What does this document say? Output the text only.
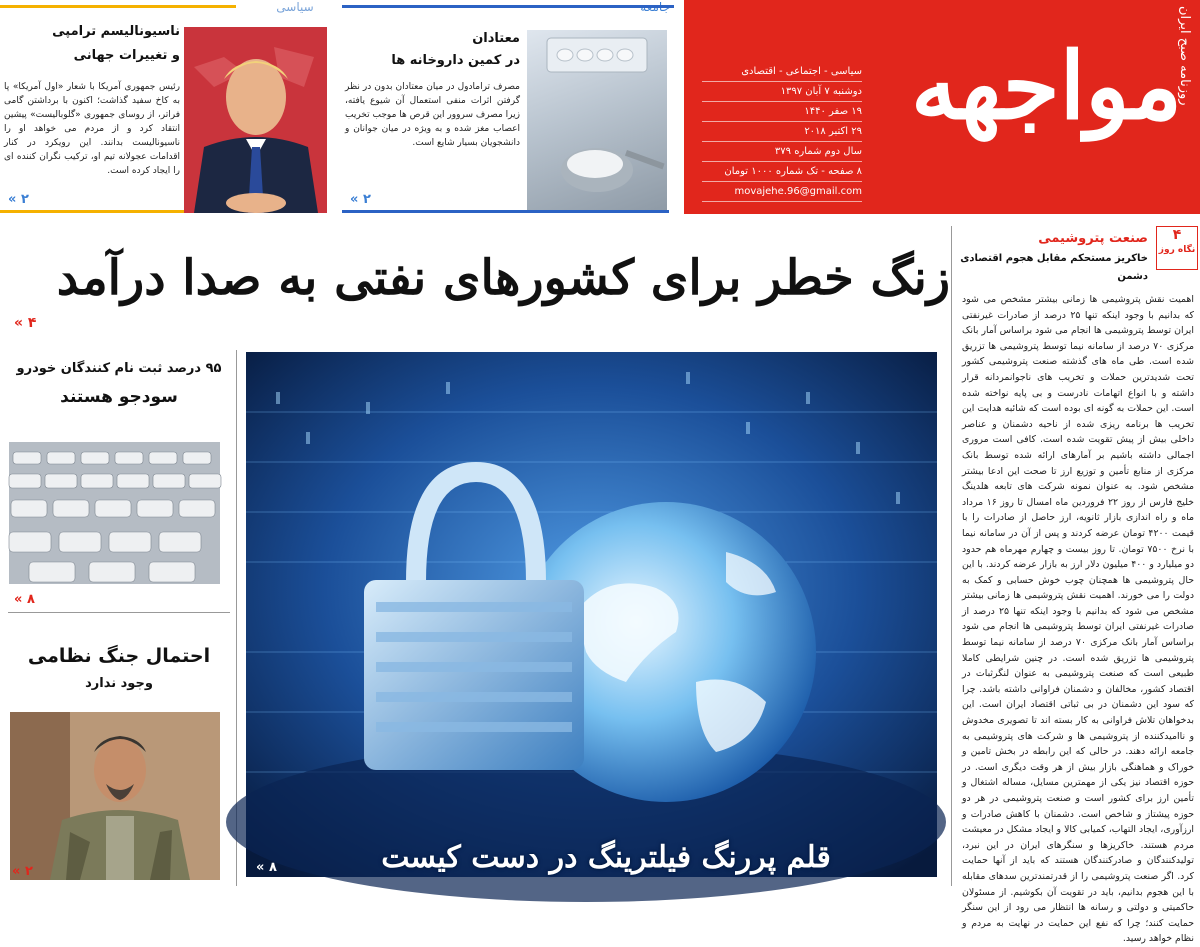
روزنامه صبح ایران
مواجهه
سیاسی - اجتماعی - اقتصادی
دوشنبه ۷ آبان ۱۳۹۷
۱۹ صفر ۱۴۴۰
۲۹ اکتبر ۲۰۱۸
سال دوم شماره ۳۷۹
۸ صفحه - تک شماره ۱۰۰۰ تومان
movajehe.96@gmail.com
معتادان
در کمین داروخانه ها
مصرف ترامادول در میان معتادان بدون در نظر گرفتن اثرات منفی استعمال آن شیوع یافته، زیرا مصرف سروور این قرص ها موجب تخریب اعصاب مغز شده و به ویژه در میان جوانان و دانشجویان بسیار شایع است.
۲ »
سیاسی
ناسیونالیسم ترامپی
و تغییرات جهانی
رئیس جمهوری آمریکا با شعار «اول آمریکا» پا به کاخ سفید گذاشت؛ اکنون با برداشتن گامی فراتر، از روسای جمهوری «گلوبالیست» پیشین انتقاد کرد و از مردم می خواهد او را ناسیونالیست بدانند. این رویکرد در کنار اقدامات عجولانه تیم او، ترکیب نگران کننده ای را ایجاد کرده است.
۲ »
زنگ خطر برای کشورهای نفتی به صدا درآمد
۴ »
۴
نگاه روز
صنعت پتروشیمی
خاکریز مستحکم مقابل هجوم اقتصادی دشمن
اهمیت نقش پتروشیمی ها زمانی بیشتر مشخص می شود که بدانیم با وجود اینکه تنها ۲۵ درصد از صادرات غیرنفتی ایران توسط پتروشیمی ها انجام می شود براساس آمار بانک مرکزی ۷۰ درصد از سامانه نیما توسط پتروشیمی ها تزریق شده است. طی ماه های گذشته صنعت پتروشیمی کشور تحت شدیدترین حملات و تخریب های ناجوانمردانه قرار داشته و با انواع اتهامات نادرست و بی پایه نواخته شده است. این حملات به گونه ای بوده است که شائبه هدایت این تخریب ها برنامه ریزی شده از ناحیه دشمنان و عناصر داخلی بیش از پیش تقویت شده است. کافی است مروری اجمالی داشته باشیم بر آمارهای ارائه شده توسط بانک مرکزی از منابع تأمین و توزیع ارز تا صحت این ادعا بیشتر مشخص شود. به عنوان نمونه شرکت های تابعه هلدینگ خلیج فارس از روز ۲۲ فروردین ماه امسال تا روز ۱۶ مرداد ماه و راه اندازی بازار ثانویه، ارز حاصل از صادرات را با قیمت ۴۲۰۰ تومان عرضه کردند و پس از آن در سامانه نیما با نرخ ۷۵۰۰ تومان. تا روز بیست و چهارم مهرماه هم حدود دو میلیارد و ۴۰۰ میلیون دلار ارز به بازار عرضه کردند. با این حال پتروشیمی ها همچنان چوب خوش حسابی و کمک به دولت را می خورند. اهمیت نقش پتروشیمی ها زمانی بیشتر مشخص می شود که بدانیم با وجود اینکه تنها ۲۵ درصد از صادرات غیرنفتی ایران توسط پتروشیمی ها انجام می شود براساس آمار بانک مرکزی ۷۰ درصد از سامانه نیما توسط پتروشیمی ها تزریق شده است. در چنین شرایطی کاملا طبیعی است که صنعت پتروشیمی به عنوان لنگرثبات در اقتصاد کشور، مخالفان و دشمنان فراوانی داشته باشد. چرا که سود این دشمنان در بی ثباتی اقتصاد ایران است. این بدخواهان تلاش فراوانی به کار بسته اند تا تصویری مخدوش و ناامیدکننده از پتروشیمی ها و شرکت های پتروشیمی به جامعه ارائه دهند. در حالی که این رابطه در بخش تامین و خوراک و هماهنگی بازار بیش از هر وقت دیگری است. در حوزه اقتصاد نیز یکی از مهمترین مسایل، مساله اشتغال و تأمین ارز برای کشور است و صنعت پتروشیمی در هر دو حوزه پیشتاز و شاخص است. دشمنان با کاهش صادرات و ارزآوری، ایجاد التهاب، کمیابی کالا و ایجاد مشکل در معیشت مردم هستند. خاکریزها و سنگرهای ایران در این نبرد، تولیدکنندگان و صادرکنندگان هستند که باید از آنها حمایت کرد. اگر صنعت پتروشیمی را از قدرتمندترین سدهای مقابله با این هجوم بدانیم، باید در تقویت آن بکوشیم. از مسئولان حاکمیتی و دولتی و رسانه ها انتظار می رود از این سنگر حمایت کنند؛ چرا که نفع این حمایت در نهایت به مردم و نظام خواهد رسید.
۹۵ درصد ثبت نام کنندگان خودرو
سودجو هستند
۸ »
احتمال جنگ نظامی
وجود ندارد
۲ »	قلم پررنگ فیلترینگ در دست کیست
۸ »
